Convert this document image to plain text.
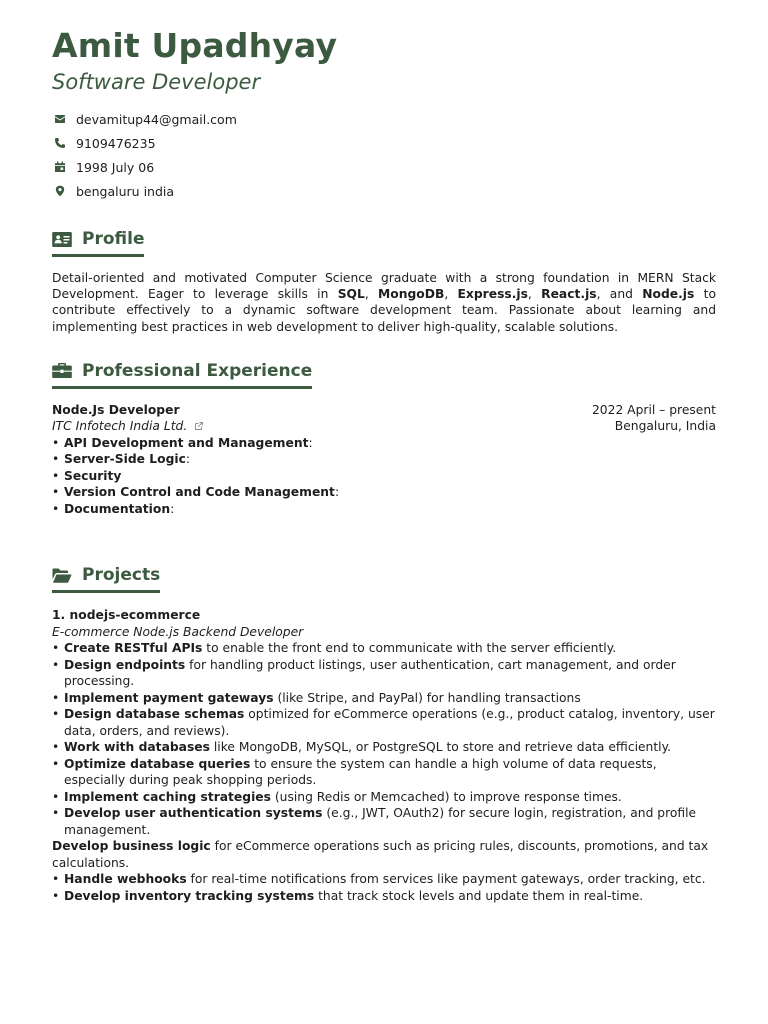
Amit Upadhyay
Software Developer
devamitup44@gmail.com
9109476235
1998 July 06
bengaluru india
Profile
Detail-oriented and motivated Computer Science graduate with a strong foundation in MERN Stack Development. Eager to leverage skills in SQL, MongoDB, Express.js, React.js, and Node.js to contribute effectively to a dynamic software development team. Passionate about learning and implementing best practices in web development to deliver high-quality, scalable solutions.
Professional Experience
Node.Js Developer	2022 April – present
ITC Infotech India Ltd.	Bengaluru, India
• API Development and Management:
• Server-Side Logic:
• Security
• Version Control and Code Management:
• Documentation:
Projects
1. nodejs-ecommerce
E-commerce Node.js Backend Developer
• Create RESTful APIs to enable the front end to communicate with the server efficiently.
• Design endpoints for handling product listings, user authentication, cart management, and order processing.
• Implement payment gateways (like Stripe, and PayPal) for handling transactions
• Design database schemas optimized for eCommerce operations (e.g., product catalog, inventory, user data, orders, and reviews).
• Work with databases like MongoDB, MySQL, or PostgreSQL to store and retrieve data efficiently.
• Optimize database queries to ensure the system can handle a high volume of data requests, especially during peak shopping periods.
• Implement caching strategies (using Redis or Memcached) to improve response times.
• Develop user authentication systems (e.g., JWT, OAuth2) for secure login, registration, and profile management.
Develop business logic for eCommerce operations such as pricing rules, discounts, promotions, and tax calculations.
• Handle webhooks for real-time notifications from services like payment gateways, order tracking, etc.
• Develop inventory tracking systems that track stock levels and update them in real-time.
